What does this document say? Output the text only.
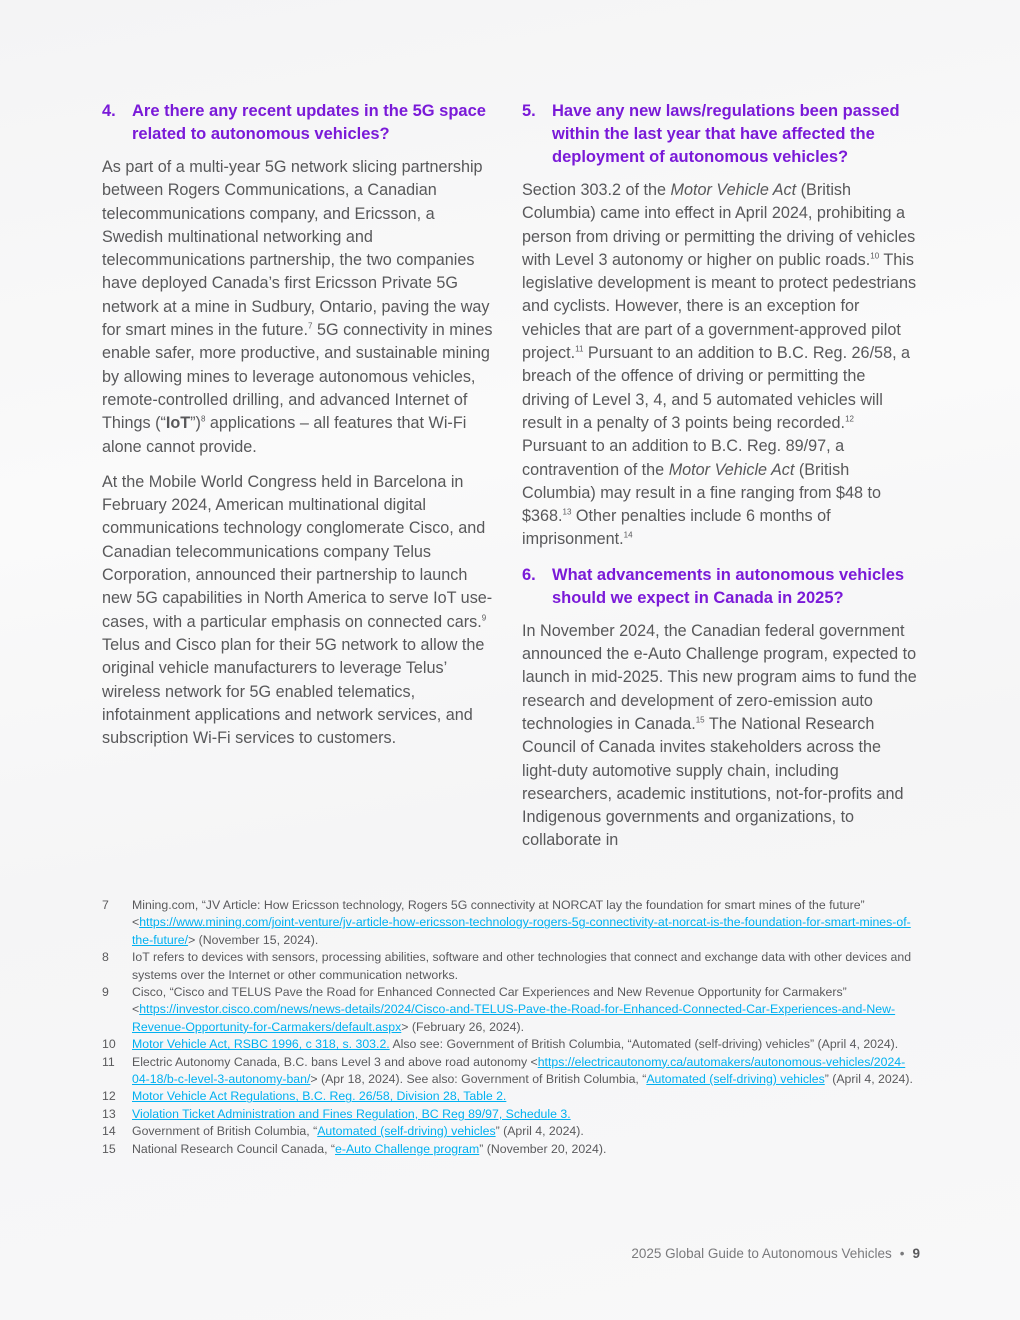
4. Are there any recent updates in the 5G space related to autonomous vehicles?

As part of a multi-year 5G network slicing partnership between Rogers Communications, a Canadian telecommunications company, and Ericsson, a Swedish multinational networking and telecommunications partnership, the two companies have deployed Canada’s first Ericsson Private 5G network at a mine in Sudbury, Ontario, paving the way for smart mines in the future.$^7$ 5G connectivity in mines enable safer, more productive, and sustainable mining by allowing mines to leverage autonomous vehicles, remote-controlled drilling, and advanced Internet of Things (“IoT”)$^8$ applications – all features that Wi-Fi alone cannot provide.

At the Mobile World Congress held in Barcelona in February 2024, American multinational digital communications technology conglomerate Cisco, and Canadian telecommunications company Telus Corporation, announced their partnership to launch new 5G capabilities in North America to serve IoT use-cases, with a particular emphasis on connected cars.$^9$ Telus and Cisco plan for their 5G network to allow the original vehicle manufacturers to leverage Telus’ wireless network for 5G enabled telematics, infotainment applications and network services, and subscription Wi-Fi services to customers.

5. Have any new laws/regulations been passed within the last year that have affected the deployment of autonomous vehicles?

Section 303.2 of the Motor Vehicle Act (British Columbia) came into effect in April 2024, prohibiting a person from driving or permitting the driving of vehicles with Level 3 autonomy or higher on public roads.$^{10}$ This legislative development is meant to protect pedestrians and cyclists. However, there is an exception for vehicles that are part of a government-approved pilot project.$^{11}$ Pursuant to an addition to B.C. Reg. 26/58, a breach of the offence of driving or permitting the driving of Level 3, 4, and 5 automated vehicles will result in a penalty of 3 points being recorded.$^{12}$ Pursuant to an addition to B.C. Reg. 89/97, a contravention of the Motor Vehicle Act (British Columbia) may result in a fine ranging from $48 to $368.13 Other penalties include 6 months of imprisonment.$^{14}$

6. What advancements in autonomous vehicles should we expect in Canada in 2025?

In November 2024, the Canadian federal government announced the e-Auto Challenge program, expected to launch in mid-2025. This new program aims to fund the research and development of zero-emission auto technologies in Canada.$^{15}$ The National Research Council of Canada invites stakeholders across the light-duty automotive supply chain, including researchers, academic institutions, not-for-profits and Indigenous governments and organizations, to collaborate in

7	Mining.com, “JV Article: How Ericsson technology, Rogers 5G connectivity at NORCAT lay the foundation for smart mines of the future” <https://www.mining.com/joint-venture/jv-article-how-ericsson-technology-rogers-5g-connectivity-at-norcat-is-the-foundation-for-smart-mines-of-the-future/> (November 15, 2024).
8	IoT refers to devices with sensors, processing abilities, software and other technologies that connect and exchange data with other devices and systems over the Internet or other communication networks.
9	Cisco, “Cisco and TELUS Pave the Road for Enhanced Connected Car Experiences and New Revenue Opportunity for Carmakers” <https://investor.cisco.com/news/news-details/2024/Cisco-and-TELUS-Pave-the-Road-for-Enhanced-Connected-Car-Experiences-and-New-Revenue-Opportunity-for-Carmakers/default.aspx> (February 26, 2024).
10	Motor Vehicle Act, RSBC 1996, c 318, s. 303.2. Also see: Government of British Columbia, “Automated (self-driving) vehicles” (April 4, 2024).
11	Electric Autonomy Canada, B.C. bans Level 3 and above road autonomy <https://electricautonomy.ca/automakers/autonomous-vehicles/2024-04-18/b-c-level-3-autonomy-ban/> (Apr 18, 2024). See also: Government of British Columbia, “Automated (self-driving) vehicles” (April 4, 2024).
12	Motor Vehicle Act Regulations, B.C. Reg. 26/58, Division 28, Table 2.
13	Violation Ticket Administration and Fines Regulation, BC Reg 89/97, Schedule 3.
14	Government of British Columbia, “Automated (self-driving) vehicles” (April 4, 2024).
15	National Research Council Canada, “e-Auto Challenge program” (November 20, 2024).
2025 Global Guide to Autonomous Vehicles • 9
